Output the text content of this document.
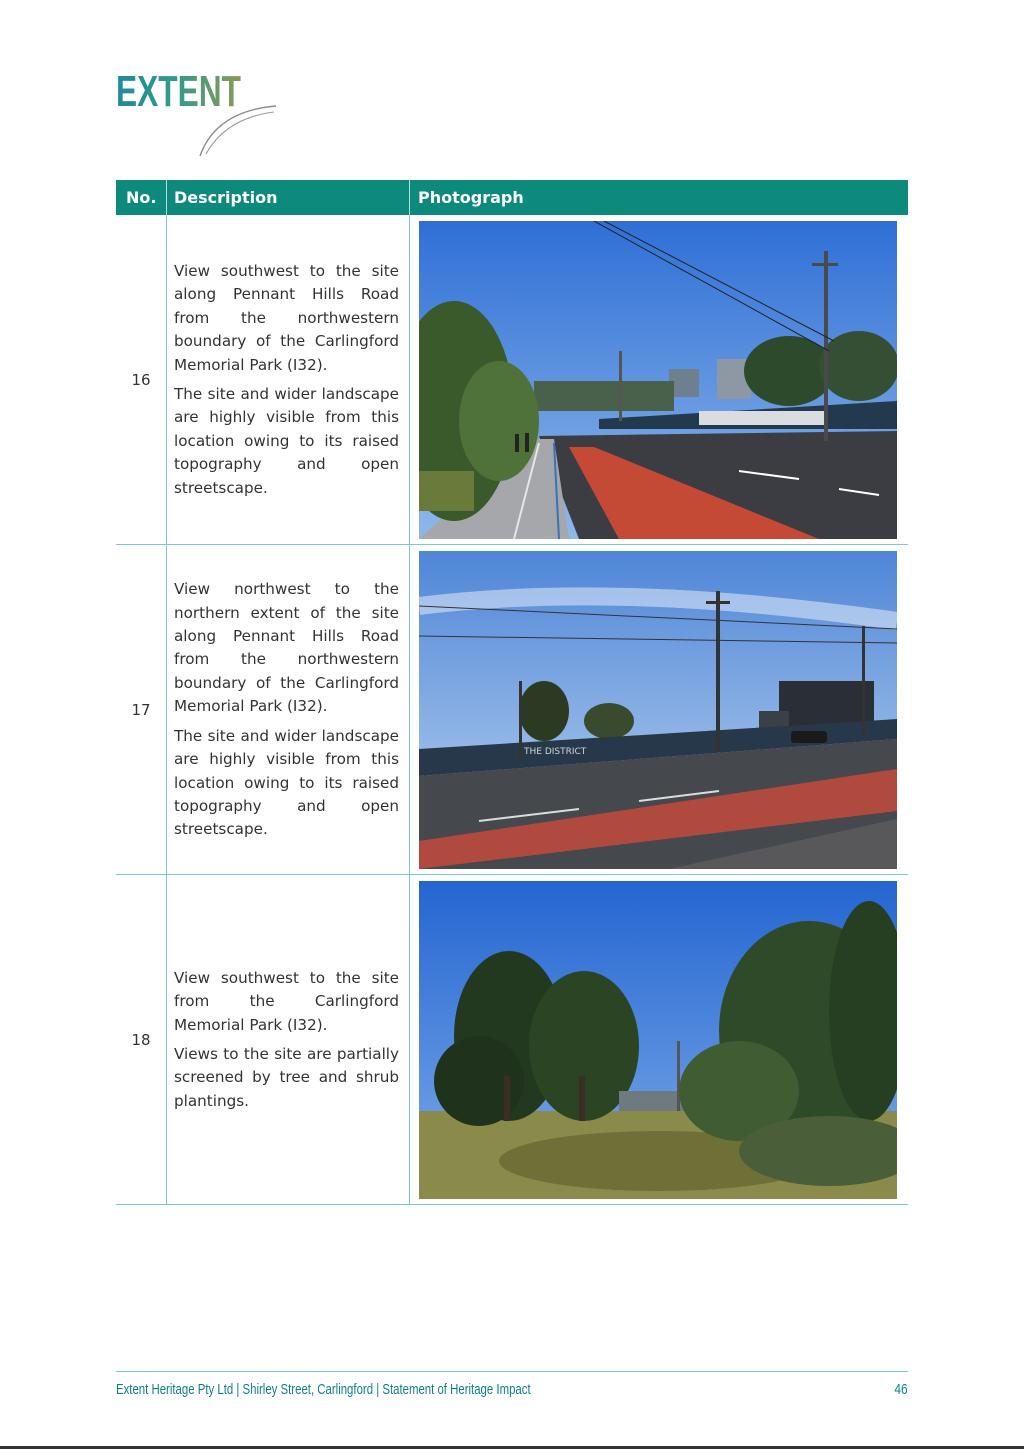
EXTENT
No. Description	Photograph
16

View southwest to the site along Pennant Hills Road from the northwestern boundary of the Carlingford Memorial Park (I32).

The site and wider landscape are highly visible from this location owing to its raised topography and open streetscape.

17

View northwest to the northern extent of the site along Pennant Hills Road from the northwestern boundary of the Carlingford Memorial Park (I32).

The site and wider landscape are highly visible from this location owing to its raised topography and open streetscape.

THE DISTRICT
18

View southwest to the site from the Carlingford Memorial Park (I32).

Views to the site are partially screened by tree and shrub plantings.

Extent Heritage Pty Ltd | Shirley Street, Carlingford | Statement of Heritage Impact	46
